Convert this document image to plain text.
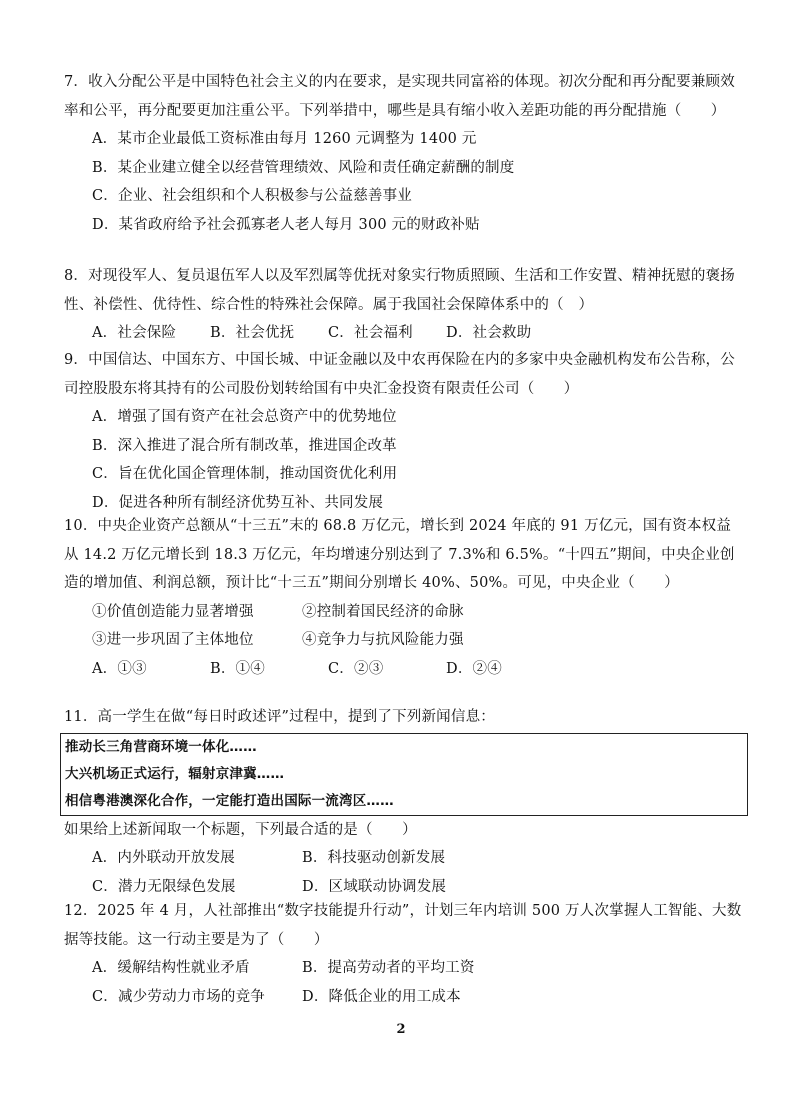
7．收入分配公平是中国特色社会主义的内在要求，是实现共同富裕的体现。初次分配和再分配要兼顾效率和公平，再分配要更加注重公平。下列举措中，哪些是具有缩小收入差距功能的再分配措施（　　）

A．某市企业最低工资标准由每月 1260 元调整为 1400 元

B．某企业建立健全以经营管理绩效、风险和责任确定薪酬的制度

C．企业、社会组织和个人积极参与公益慈善事业

D．某省政府给予社会孤寡老人老人每月 300 元的财政补贴

8．对现役军人、复员退伍军人以及军烈属等优抚对象实行物质照顾、生活和工作安置、精神抚慰的褒扬性、补偿性、优待性、综合性的特殊社会保障。属于我国社会保障体系中的（　）

A．社会保险	B．社会优抚	C．社会福利	D．社会救助

9．中国信达、中国东方、中国长城、中证金融以及中农再保险在内的多家中央金融机构发布公告称，公司控股股东将其持有的公司股份划转给国有中央汇金投资有限责任公司（　　）

A．增强了国有资产在社会总资产中的优势地位

B．深入推进了混合所有制改革，推进国企改革

C．旨在优化国企管理体制，推动国资优化利用

D．促进各种所有制经济优势互补、共同发展

10．中央企业资产总额从“十三五”末的 68.8 万亿元，增长到 2024 年底的 91 万亿元，国有资本权益从 14.2 万亿元增长到 18.3 万亿元，年均增速分别达到了 7.3%和 6.5%。“十四五”期间，中央企业创造的增加值、利润总额，预计比“十三五”期间分别增长 40%、50%。可见，中央企业（　　）

①价值创造能力显著增强	②控制着国民经济的命脉
③进一步巩固了主体地位	④竞争力与抗风险能力强
A．①③	B．①④	C．②③	D．②④

11．高一学生在做“每日时政述评”过程中，提到了下列新闻信息：

推动长三角营商环境一体化……
大兴机场正式运行，辐射京津冀……
相信粤港澳深化合作，一定能打造出国际一流湾区……

如果给上述新闻取一个标题，下列最合适的是（　　）

A．内外联动开放发展	B．科技驱动创新发展
C．潜力无限绿色发展	D．区域联动协调发展

12．2025 年 4 月，人社部推出“数字技能提升行动”，计划三年内培训 500 万人次掌握人工智能、大数据等技能。这一行动主要是为了（　　）

A．缓解结构性就业矛盾	B．提高劳动者的平均工资
C．减少劳动力市场的竞争	D．降低企业的用工成本
2
